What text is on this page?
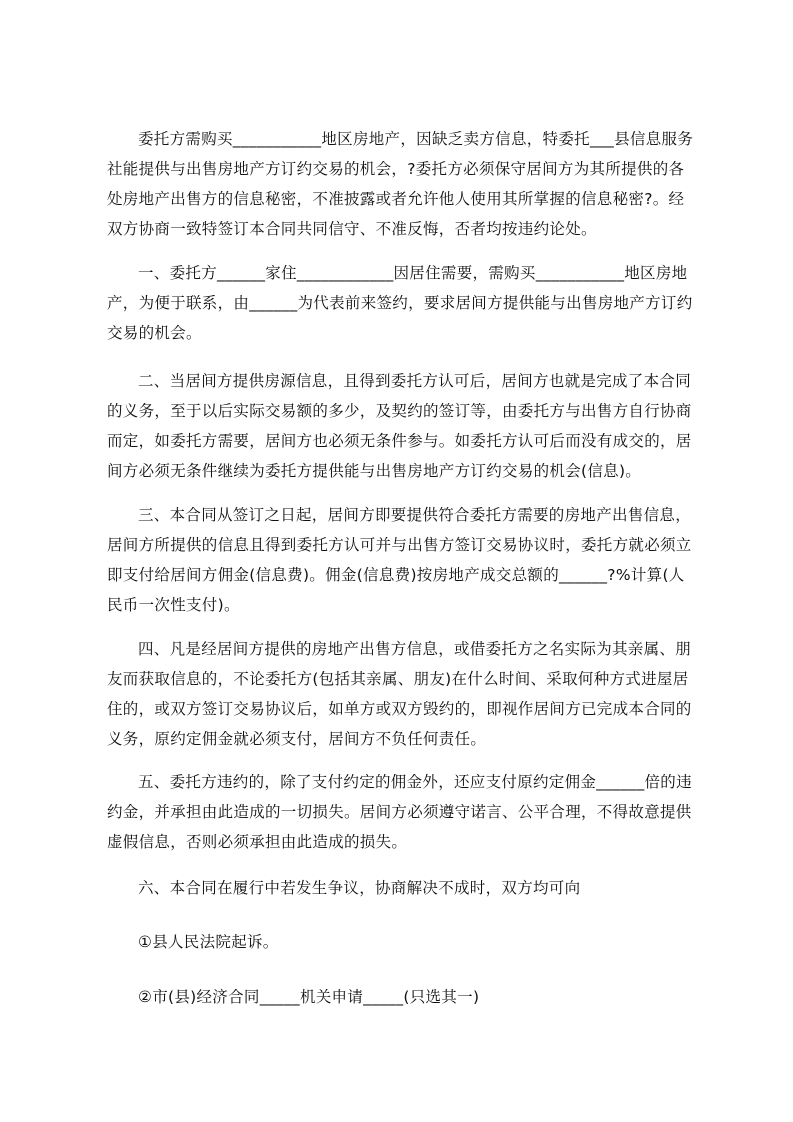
委托方需购买___________地区房地产，因缺乏卖方信息，特委托___县信息服务
社能提供与出售房地产方订约交易的机会，?委托方必须保守居间方为其所提供的各
处房地产出售方的信息秘密，不准披露或者允许他人使用其所掌握的信息秘密?。经
双方协商一致特签订本合同共同信守、不准反悔，否者均按违约论处。
一、委托方______家住____________因居住需要，需购买___________地区房地
产，为便于联系，由______为代表前来签约，要求居间方提供能与出售房地产方订约
交易的机会。
二、当居间方提供房源信息，且得到委托方认可后，居间方也就是完成了本合同
的义务，至于以后实际交易额的多少，及契约的签订等，由委托方与出售方自行协商
而定，如委托方需要，居间方也必须无条件参与。如委托方认可后而没有成交的，居
间方必须无条件继续为委托方提供能与出售房地产方订约交易的机会(信息)。
三、本合同从签订之日起，居间方即要提供符合委托方需要的房地产出售信息，
居间方所提供的信息且得到委托方认可并与出售方签订交易协议时，委托方就必须立
即支付给居间方佣金(信息费)。佣金(信息费)按房地产成交总额的______?%计算(人
民币一次性支付)。
四、凡是经居间方提供的房地产出售方信息，或借委托方之名实际为其亲属、朋
友而获取信息的，不论委托方(包括其亲属、朋友)在什么时间、采取何种方式进屋居
住的，或双方签订交易协议后，如单方或双方毁约的，即视作居间方已完成本合同的
义务，原约定佣金就必须支付，居间方不负任何责任。
五、委托方违约的，除了支付约定的佣金外，还应支付原约定佣金______倍的违
约金，并承担由此造成的一切损失。居间方必须遵守诺言、公平合理，不得故意提供
虚假信息，否则必须承担由此造成的损失。
六、本合同在履行中若发生争议，协商解决不成时，双方均可向
①县人民法院起诉。
②市(县)经济合同_____机关申请_____(只选其一)
